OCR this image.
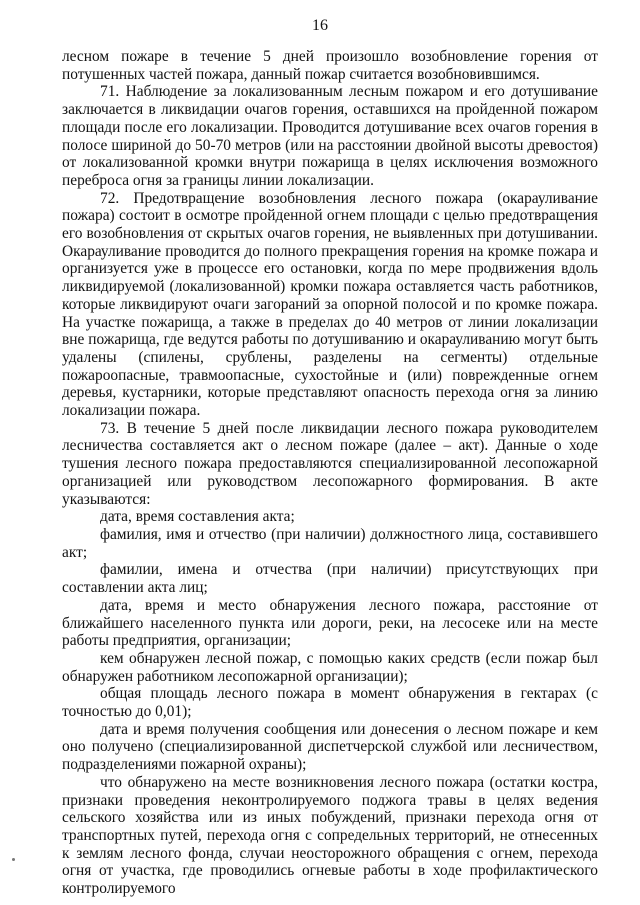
16

лесном пожаре в течение 5 дней произошло возобновление горения от потушенных частей пожара, данный пожар считается возобновившимся.

71. Наблюдение за локализованным лесным пожаром и его дотушивание заключается в ликвидации очагов горения, оставшихся на пройденной пожаром площади после его локализации. Проводится дотушивание всех очагов горения в полосе шириной до 50-70 метров (или на расстоянии двойной высоты древостоя) от локализованной кромки внутри пожарища в целях исключения возможного переброса огня за границы линии локализации.

72. Предотвращение возобновления лесного пожара (окарауливание пожара) состоит в осмотре пройденной огнем площади с целью предотвращения его возобновления от скрытых очагов горения, не выявленных при дотушивании. Окарауливание проводится до полного прекращения горения на кромке пожара и организуется уже в процессе его остановки, когда по мере продвижения вдоль ликвидируемой (локализованной) кромки пожара оставляется часть работников, которые ликвидируют очаги загораний за опорной полосой и по кромке пожара. На участке пожарища, а также в пределах до 40 метров от линии локализации вне пожарища, где ведутся работы по дотушиванию и окарауливанию могут быть удалены (спилены, срублены, разделены на сегменты) отдельные пожароопасные, травмоопасные, сухостойные и (или) поврежденные огнем деревья, кустарники, которые представляют опасность перехода огня за линию локализации пожара.

73. В течение 5 дней после ликвидации лесного пожара руководителем лесничества составляется акт о лесном пожаре (далее – акт). Данные о ходе тушения лесного пожара предоставляются специализированной лесопожарной организацией или руководством лесопожарного формирования. В акте указываются:

дата, время составления акта;

фамилия, имя и отчество (при наличии) должностного лица, составившего акт;

фамилии, имена и отчества (при наличии) присутствующих при составлении акта лиц;

дата, время и место обнаружения лесного пожара, расстояние от ближайшего населенного пункта или дороги, реки, на лесосеке или на месте работы предприятия, организации;

кем обнаружен лесной пожар, с помощью каких средств (если пожар был обнаружен работником лесопожарной организации);

общая площадь лесного пожара в момент обнаружения в гектарах (с точностью до 0,01);

дата и время получения сообщения или донесения о лесном пожаре и кем оно получено (специализированной диспетчерской службой или лесничеством, подразделениями пожарной охраны);

что обнаружено на месте возникновения лесного пожара (остатки костра, признаки проведения неконтролируемого поджога травы в целях ведения сельского хозяйства или из иных побуждений, признаки перехода огня от транспортных путей, перехода огня с сопредельных территорий, не отнесенных к землям лесного фонда, случаи неосторожного обращения с огнем, перехода огня от участка, где проводились огневые работы в ходе профилактического контролируемого
